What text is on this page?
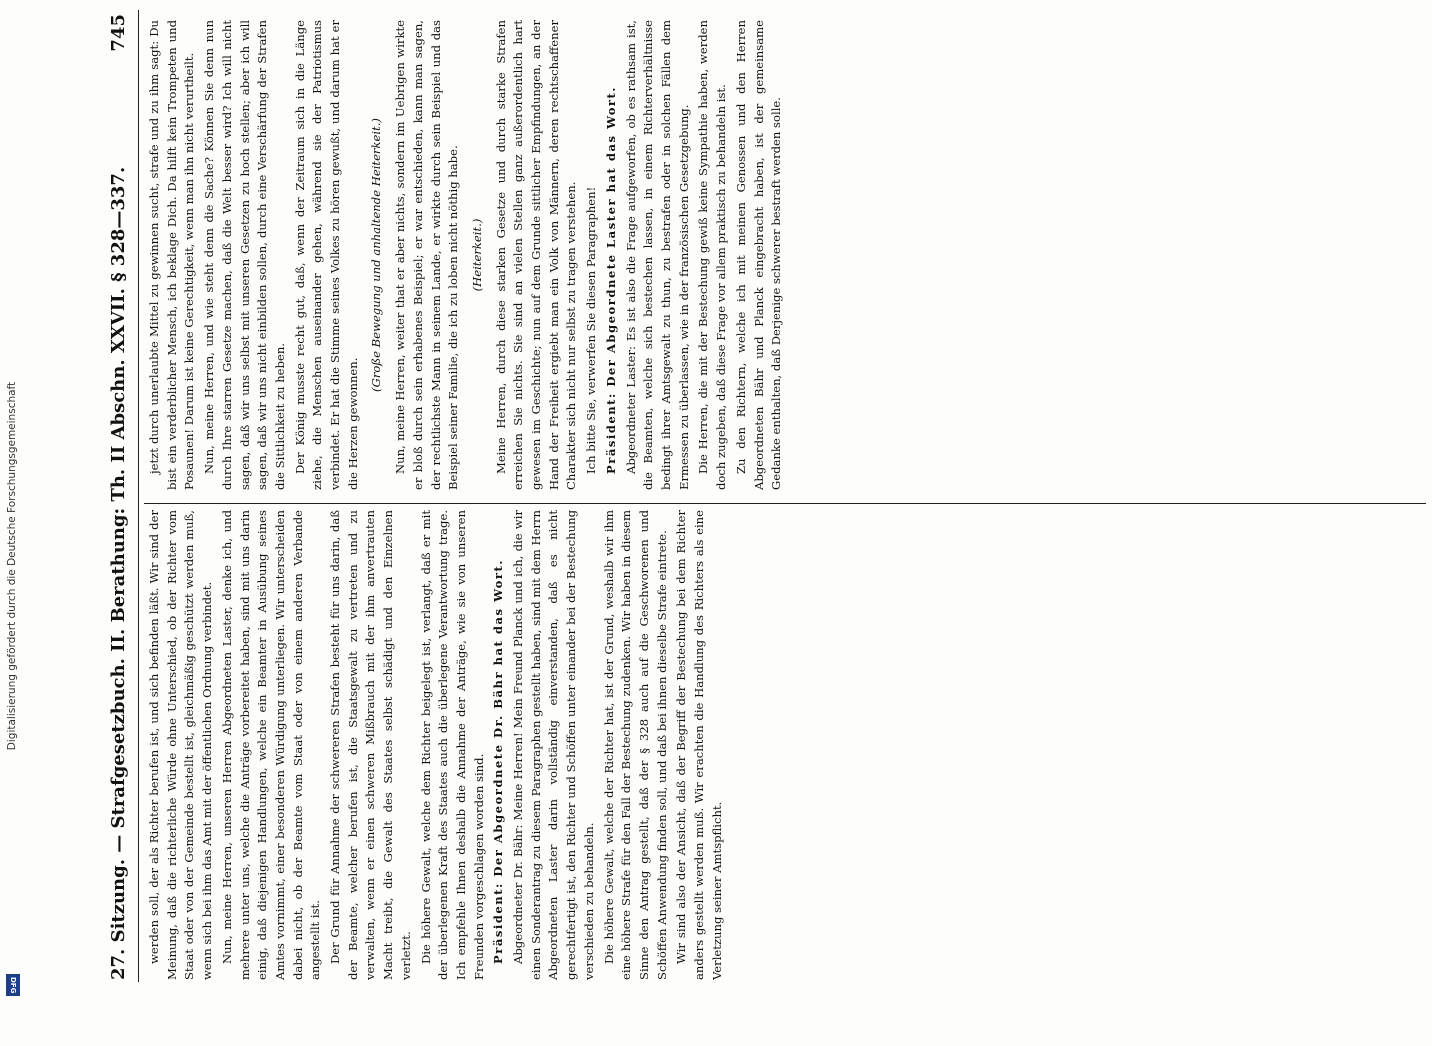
27. Sitzung. — Strafgesetzbuch. II. Berathung: Th. II Abschn. XXVII. § 328—337.
745

werden soll, der als Richter berufen ist, und sich befinden läßt. Wir sind der Meinung, daß die richterliche Würde ohne Unterschied, ob der Richter vom Staat oder von der Gemeinde bestellt ist, gleichmäßig geschützt werden muß, wenn sich bei ihm das Amt mit der öffentlichen Ordnung verbindet. Nun, meine Herren, unseren Herren Abgeordneten Laster, denke ich, und mehrere unter uns, welche die Anträge vorbereitet haben, sind mit uns darin einig, daß diejenigen Handlungen, welche ein Beamter in Ausübung seines Amtes vornimmt, einer besonderen Würdigung unterliegen. Wir unterscheiden dabei nicht, ob der Beamte vom Staat oder von einem anderen Verbande angestellt ist. Der Grund für Annahme der schwereren Strafen besteht für uns darin, daß der Beamte, welcher berufen ist, die Staatsgewalt zu vertreten und zu verwalten, wenn er einen schweren Mißbrauch mit der ihm anvertrauten Macht treibt, die Gewalt des Staates selbst schädigt und den Einzelnen verletzt. Die höhere Gewalt, welche dem Richter beigelegt ist, verlangt, daß er mit der überlegenen Kraft des Staates auch die überlegene Verantwortung trage. Ich empfehle Ihnen deshalb die Annahme der Anträge, wie sie von unseren Freunden vorgeschlagen worden sind. Präsident: Der Abgeordnete Dr. Bähr hat das Wort. Abgeordneter Dr. Bähr: Meine Herren! Mein Freund Planck und ich, die wir einen Sonderantrag zu diesem Paragraphen gestellt haben, sind mit dem Herrn Abgeordneten Laster darin vollständig einverstanden, daß es nicht gerechtfertigt ist, den Richter und Schöffen unter einander bei der Bestechung verschieden zu behandeln. Die höhere Gewalt, welche der Richter hat, ist der Grund, weshalb wir ihm eine höhere Strafe für den Fall der Bestechung zudenken. Wir haben in diesem Sinne den Antrag gestellt, daß der § 328 auch auf die Geschworenen und Schöffen Anwendung finden soll, und daß bei ihnen dieselbe Strafe eintrete. Wir sind also der Ansicht, daß der Begriff der Bestechung bei dem Richter anders gestellt werden muß. Wir erachten die Handlung des Richters als eine Verletzung seiner Amtspflicht.

jetzt durch unerlaubte Mittel zu gewinnen sucht, strafe und zu ihm sagt: Du bist ein verderblicher Mensch, ich beklage Dich. Da hilft kein Trompeten und Posaunen! Darum ist keine Gerechtigkeit, wenn man ihn nicht verurtheilt. Nun, meine Herren, und wie steht denn die Sache? Können Sie denn nun durch Ihre starren Gesetze machen, daß die Welt besser wird? Ich will nicht sagen, daß wir uns selbst mit unseren Gesetzen zu hoch stellen; aber ich will sagen, daß wir uns nicht einbilden sollen, durch eine Verschärfung der Strafen die Sittlichkeit zu heben. Der König musste recht gut, daß, wenn der Zeitraum sich in die Länge ziehe, die Menschen auseinander gehen, während sie der Patriotismus verbindet. Er hat die Stimme seines Volkes zu hören gewußt, und darum hat er die Herzen gewonnen.

(Große Bewegung und anhaltende Heiterkeit.) Nun, meine Herren, weiter that er aber nichts, sondern im Uebrigen wirkte er bloß durch sein erhabenes Beispiel; er war entschieden, kann man sagen, der rechtlichste Mann in seinem Lande, er wirkte durch sein Beispiel und das Beispiel seiner Familie, die ich zu loben nicht nöthig habe. (Heiterkeit.) Meine Herren, durch diese starken Gesetze und durch starke Strafen erreichen Sie nichts. Sie sind an vielen Stellen ganz außerordentlich hart gewesen im Geschichte; nun auf dem Grunde sittlicher Empfindungen, an der Hand der Freiheit ergiebt man ein Volk von Männern, deren rechtschaffener Charakter sich nicht nur selbst zu tragen verstehen. Ich bitte Sie, verwerfen Sie diesen Paragraphen! Präsident: Der Abgeordnete Laster hat das Wort. Abgeordneter Laster: Es ist also die Frage aufgeworfen, ob es rathsam ist, die Beamten, welche sich bestechen lassen, in einem Richterverhältnisse bedingt ihrer Amtsgewalt zu thun, zu bestrafen oder in solchen Fällen dem Ermessen zu überlassen, wie in der französischen Gesetzgebung. Die Herren, die mit der Bestechung gewiß keine Sympathie haben, werden doch zugeben, daß diese Frage vor allem praktisch zu behandeln ist. Zu den Richtern, welche ich mit meinen Genossen und den Herren Abgeordneten Bähr und Planck eingebracht haben, ist der gemeinsame Gedanke enthalten, daß Derjenige schwerer bestraft werden solle.

Digitalisierung gefördert durch die Deutsche Forschungsgemeinschaft
DFG
